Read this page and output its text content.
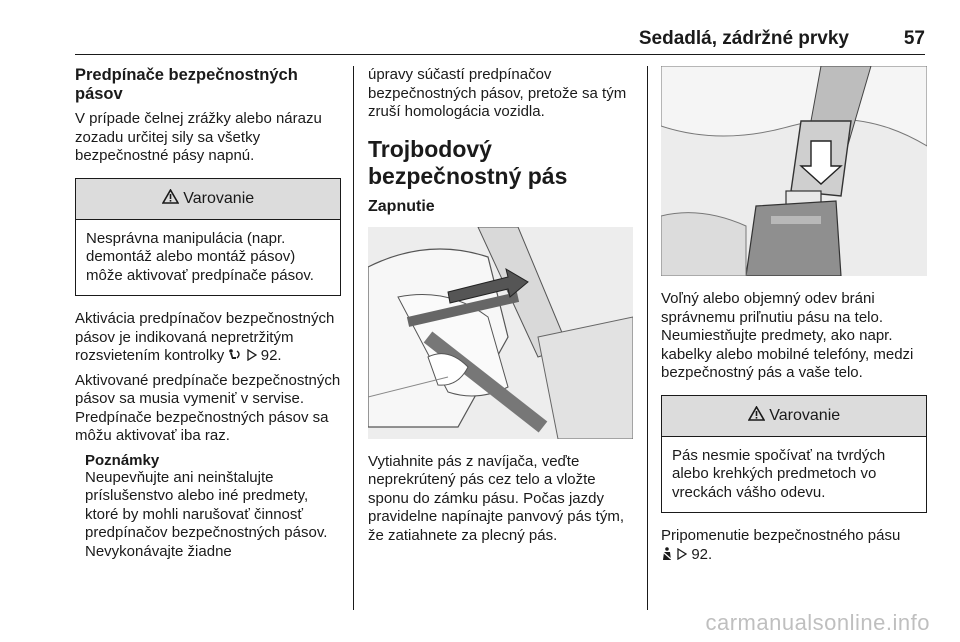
Sedadlá, zádržné prvky	57
Predpínače bezpečnostných pásov

V prípade čelnej zrážky alebo nárazu zozadu určitej sily sa všetky bezpečnostné pásy napnú.

Varovanie
Nesprávna manipulácia (napr. demontáž alebo montáž pásov) môže aktivovať predpínače pásov.

Aktivácia predpínačov bezpečnostných pásov je indikovaná nepretržitým rozsvietením kontrolky 92.

Aktivované predpínače bezpečnostných pásov sa musia vymeniť v servise. Predpínače bezpečnostných pásov sa môžu aktivovať iba raz.

Poznámky

Neupevňujte ani neinštalujte príslušenstvo alebo iné predmety, ktoré by mohli narušovať činnosť predpínačov bezpečnostných pásov. Nevykonávajte žiadne

úpravy súčastí predpínačov bezpečnostných pásov, pretože sa tým zruší homologácia vozidla.

Trojbodový bezpečnostný pás
Zapnutie

Vytiahnite pás z navíjača, veďte neprekrútený pás cez telo a vložte sponu do zámku pásu. Počas jazdy pravidelne napínajte panvový pás tým, že zatiahnete za plecný pás.

Voľný alebo objemný odev bráni správnemu priľnutiu pásu na telo. Neumiestňujte predmety, ako napr. kabelky alebo mobilné telefóny, medzi bezpečnostný pás a vaše telo.

Varovanie
Pás nesmie spočívať na tvrdých alebo krehkých predmetoch vo vreckách vášho odevu.

Pripomenutie bezpečnostného pásu
92.

carmanualsonline.info
